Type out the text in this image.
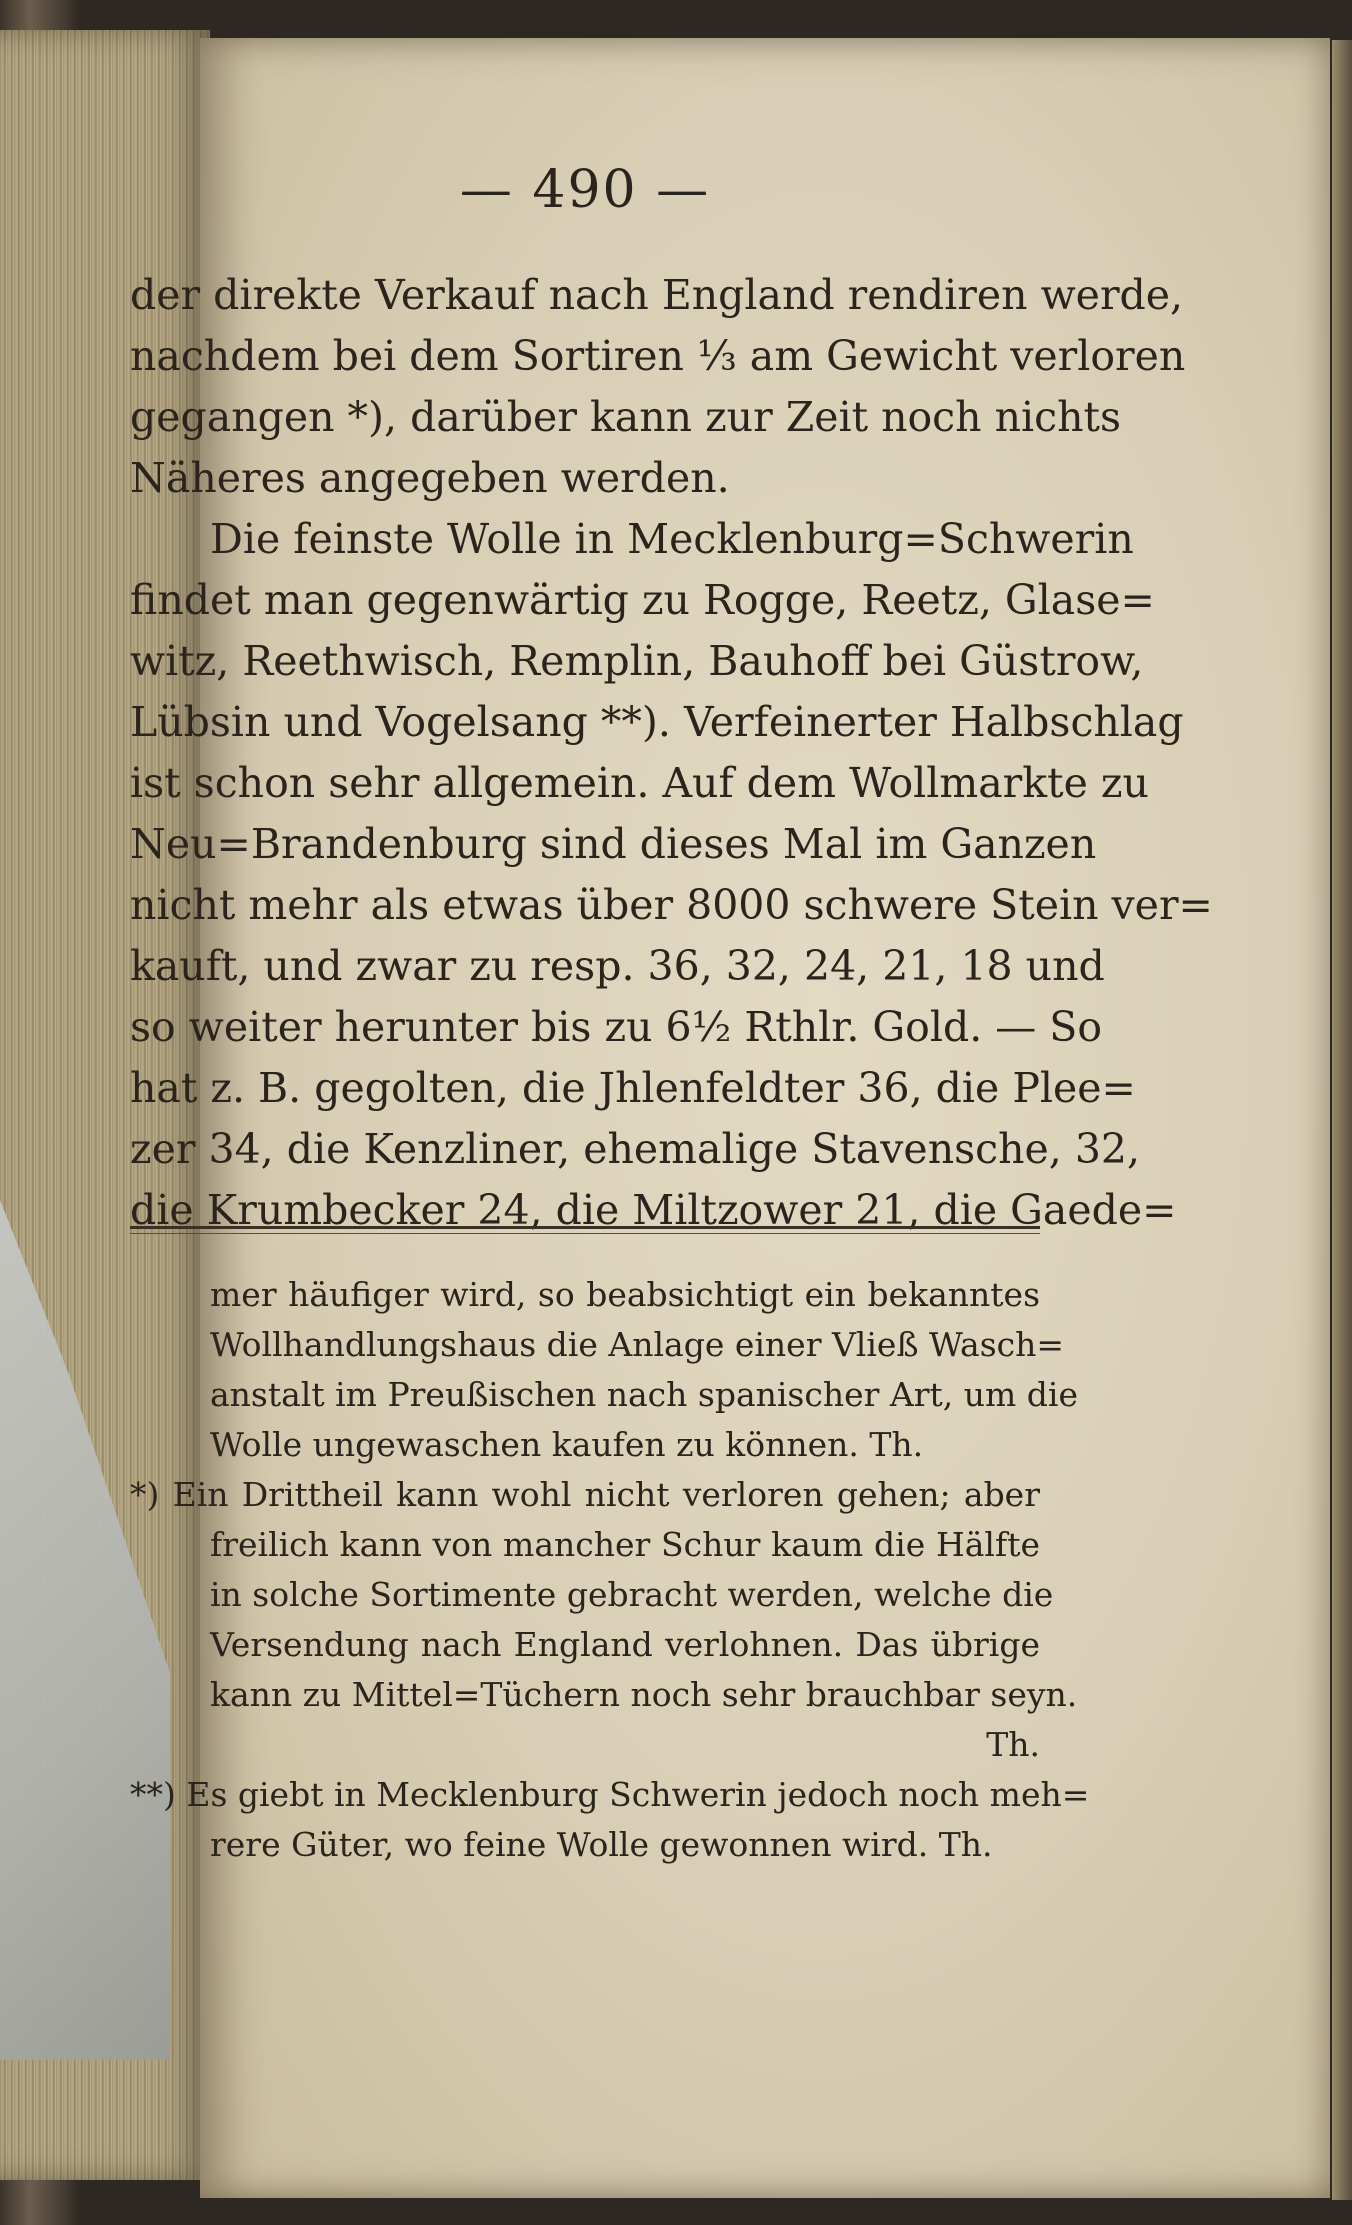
— 490 —
der direkte Verkauf nach England rendiren werde,
nachdem bei dem Sortiren ⅓ am Gewicht verloren
gegangen *), darüber kann zur Zeit noch nichts
Näheres angegeben werden.
Die feinste Wolle in Mecklenburg=Schwerin
findet man gegenwärtig zu Rogge, Reetz, Glase=
witz, Reethwisch, Remplin, Bauhoff bei Güstrow,
Lübsin und Vogelsang **). Verfeinerter Halbschlag
ist schon sehr allgemein. Auf dem Wollmarkte zu
Neu=Brandenburg sind dieses Mal im Ganzen
nicht mehr als etwas über 8000 schwere Stein ver=
kauft, und zwar zu resp. 36, 32, 24, 21, 18 und
so weiter herunter bis zu 6½ Rthlr. Gold. — So
hat z. B. gegolten, die Jhlenfeldter 36, die Plee=
zer 34, die Kenzliner, ehemalige Stavensche, 32,
die Krumbecker 24, die Miltzower 21, die Gaede=
mer häufiger wird, so beabsichtigt ein bekanntes
Wollhandlungshaus die Anlage einer Vließ Wasch=
anstalt im Preußischen nach spanischer Art, um die
Wolle ungewaschen kaufen zu können. Th.
*) Ein Drittheil kann wohl nicht verloren gehen; aber
freilich kann von mancher Schur kaum die Hälfte
in solche Sortimente gebracht werden, welche die
Versendung nach England verlohnen. Das übrige
kann zu Mittel=Tüchern noch sehr brauchbar seyn.
Th.
**) Es giebt in Mecklenburg Schwerin jedoch noch meh=
rere Güter, wo feine Wolle gewonnen wird. Th.
